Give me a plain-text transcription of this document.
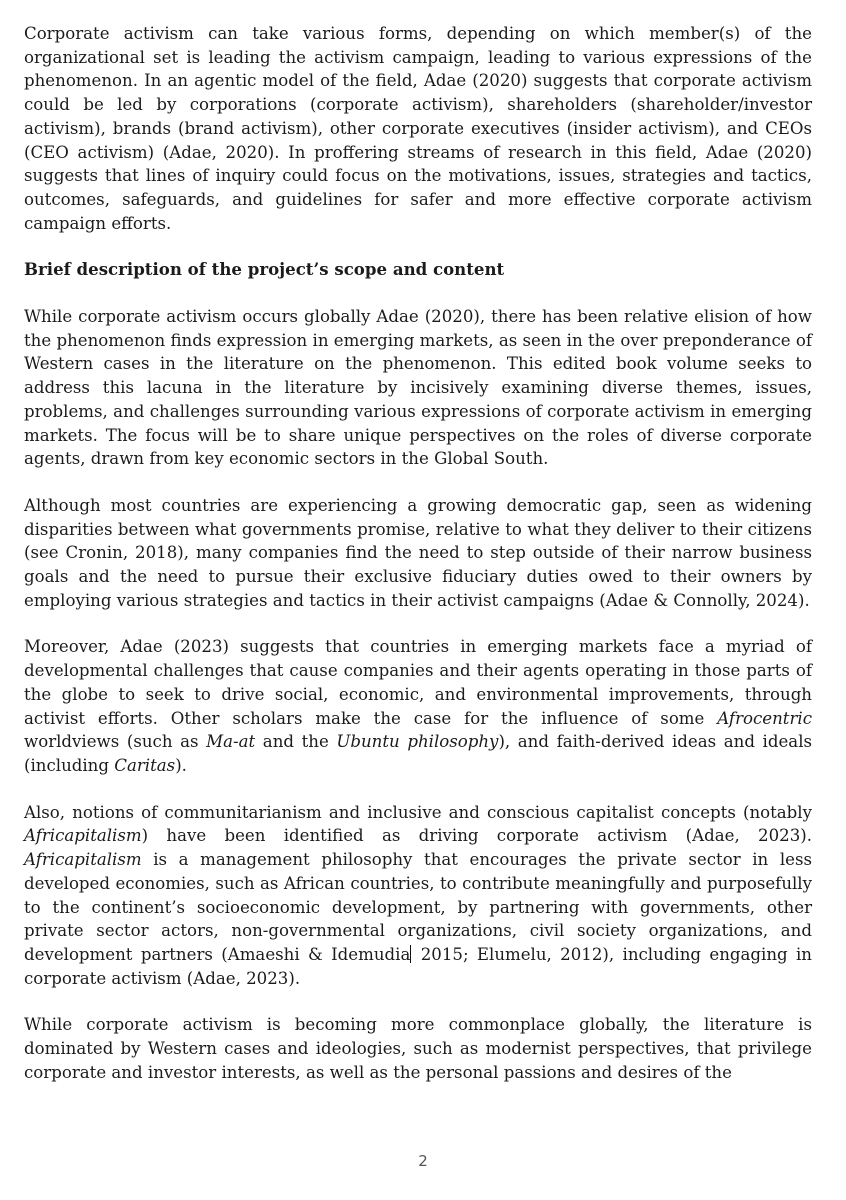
Corporate activism can take various forms, depending on which member(s) of the organizational set is leading the activism campaign, leading to various expressions of the phenomenon. In an agentic model of the field, Adae (2020) suggests that corporate activism could be led by corporations (corporate activism), shareholders (shareholder/investor activism), brands (brand activism), other corporate executives (insider activism), and CEOs (CEO activism) (Adae, 2020). In proffering streams of research in this field, Adae (2020) suggests that lines of inquiry could focus on the motivations, issues, strategies and tactics, outcomes, safeguards, and guidelines for safer and more effective corporate activism campaign efforts.

Brief description of the project’s scope and content

While corporate activism occurs globally Adae (2020), there has been relative elision of how the phenomenon finds expression in emerging markets, as seen in the over preponderance of Western cases in the literature on the phenomenon. This edited book volume seeks to address this lacuna in the literature by incisively examining diverse themes, issues, problems, and challenges surrounding various expressions of corporate activism in emerging markets. The focus will be to share unique perspectives on the roles of diverse corporate agents, drawn from key economic sectors in the Global South.

Although most countries are experiencing a growing democratic gap, seen as widening disparities between what governments promise, relative to what they deliver to their citizens (see Cronin, 2018), many companies find the need to step outside of their narrow business goals and the need to pursue their exclusive fiduciary duties owed to their owners by employing various strategies and tactics in their activist campaigns (Adae & Connolly, 2024).

Moreover, Adae (2023) suggests that countries in emerging markets face a myriad of developmental challenges that cause companies and their agents operating in those parts of the globe to seek to drive social, economic, and environmental improvements, through activist efforts. Other scholars make the case for the influence of some Afrocentric worldviews (such as Ma-at and the Ubuntu philosophy), and faith-derived ideas and ideals (including Caritas).

Also, notions of communitarianism and inclusive and conscious capitalist concepts (notably Africapitalism) have been identified as driving corporate activism (Adae, 2023). Africapitalism is a management philosophy that encourages the private sector in less developed economies, such as African countries, to contribute meaningfully and purposefully to the continent’s socioeconomic development, by partnering with governments, other private sector actors, non-governmental organizations, civil society organizations, and development partners (Amaeshi & Idemudia 2015; Elumelu, 2012), including engaging in corporate activism (Adae, 2023).

While corporate activism is becoming more commonplace globally, the literature is dominated by Western cases and ideologies, such as modernist perspectives, that privilege corporate and investor interests, as well as the personal passions and desires of the

2
